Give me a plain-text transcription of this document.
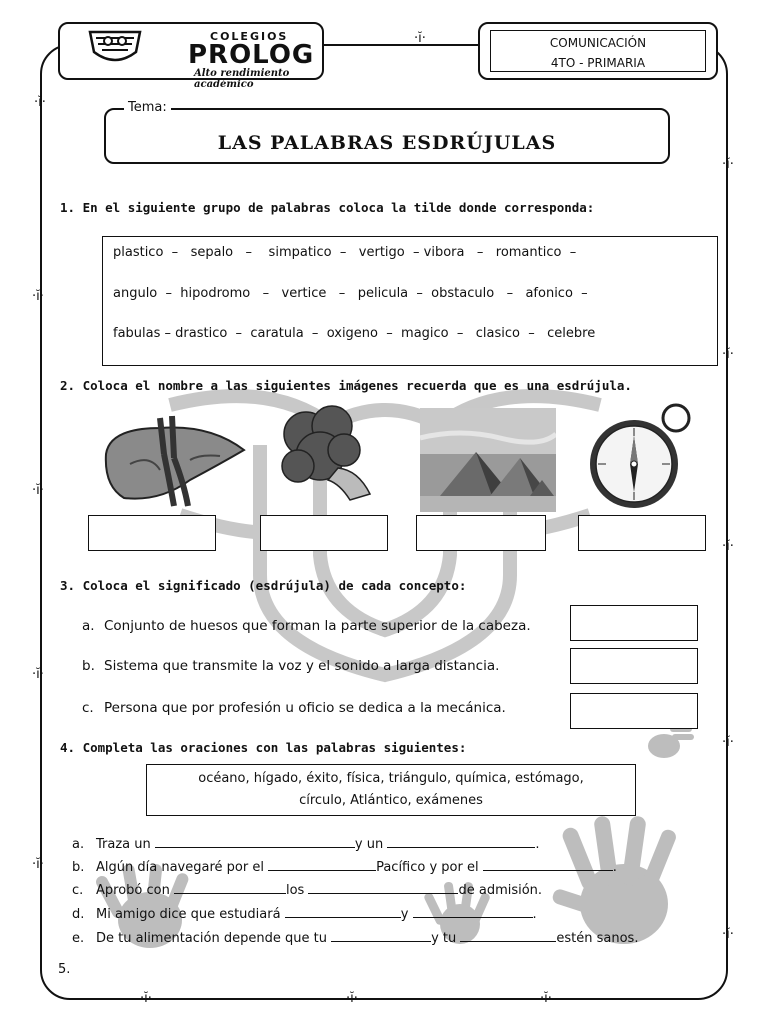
·ĭ·
·ĭ·
·ĭ·
·ĭ·
·ĭ·
·ĭ·
·ĭ·
·ĭ·
·ĭ·
·ĭ·
·ĭ·
·ĭ·	·ĭ·	·ĭ·
COLEGIOS
PROLOG
Alto rendimiento académico
COMUNICACIÓN
4TO - PRIMARIA
Tema:
LAS PALABRAS ESDRÚJULAS
1. En el siguiente grupo de palabras coloca la tilde donde corresponda:
plastico  –   sepalo   –    simpatico  –   vertigo  – vibora   –   romantico  –
angulo  –  hipodromo   –   vertice   –   pelicula  –  obstaculo   –   afonico  –
fabulas – drastico  –  caratula  –  oxigeno  –  magico  –   clasico  –   celebre
2. Coloca el nombre a las siguientes imágenes recuerda que es una esdrújula.
3. Coloca el significado (esdrújula) de cada concepto:
a. Conjunto de huesos que forman la parte superior de la cabeza.
b. Sistema que transmite la voz y el sonido a larga distancia.
c. Persona que por profesión u oficio se dedica a la mecánica.
4. Completa las oraciones con las palabras siguientes:
océano, hígado, éxito, física, triángulo, química, estómago,
círculo, Atlántico, exámenes
a. Traza un	y un	.
b. Algún día navegaré por el	Pacífico y por el	.
c. Aprobó con	los	de admisión.
d. Mi amigo dice que estudiará	y	.
e. De tu alimentación depende que tu	y tu	estén sanos.
5.
